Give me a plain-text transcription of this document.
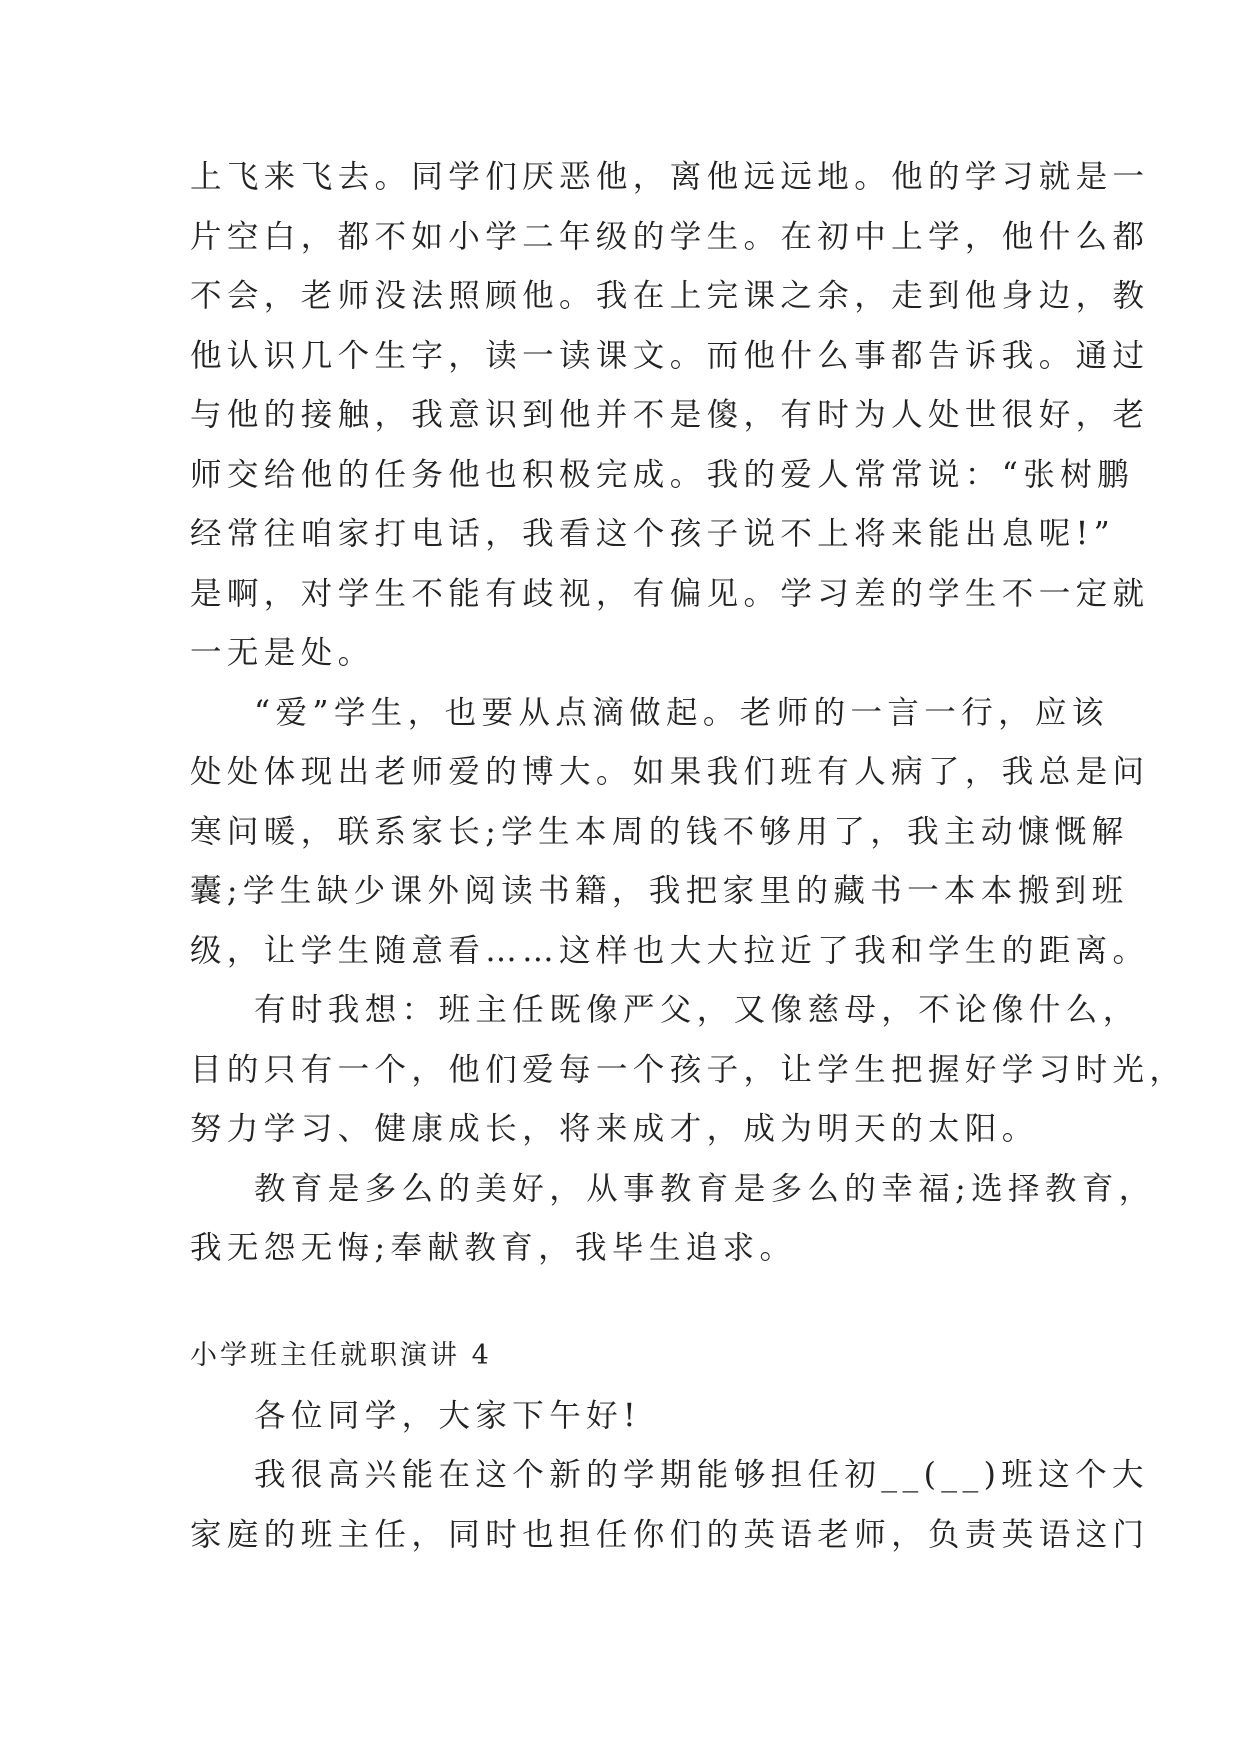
上飞来飞去。同学们厌恶他，离他远远地。他的学习就是一
片空白，都不如小学二年级的学生。在初中上学，他什么都
不会，老师没法照顾他。我在上完课之余，走到他身边，教
他认识几个生字，读一读课文。而他什么事都告诉我。通过
与他的接触，我意识到他并不是傻，有时为人处世很好，老
师交给他的任务他也积极完成。我的爱人常常说：“张树鹏
经常往咱家打电话，我看这个孩子说不上将来能出息呢!”
是啊，对学生不能有歧视，有偏见。学习差的学生不一定就
一无是处。
“爱”学生，也要从点滴做起。老师的一言一行，应该
处处体现出老师爱的博大。如果我们班有人病了，我总是问
寒问暖，联系家长;学生本周的钱不够用了，我主动慷慨解
囊;学生缺少课外阅读书籍，我把家里的藏书一本本搬到班
级，让学生随意看……这样也大大拉近了我和学生的距离。
有时我想：班主任既像严父，又像慈母，不论像什么，
目的只有一个，他们爱每一个孩子，让学生把握好学习时光，
努力学习、健康成长，将来成才，成为明天的太阳。
教育是多么的美好，从事教育是多么的幸福;选择教育，
我无怨无悔;奉献教育，我毕生追求。
小学班主任就职演讲 4
各位同学，大家下午好!
我很高兴能在这个新的学期能够担任初__(__)班这个大
家庭的班主任，同时也担任你们的英语老师，负责英语这门
